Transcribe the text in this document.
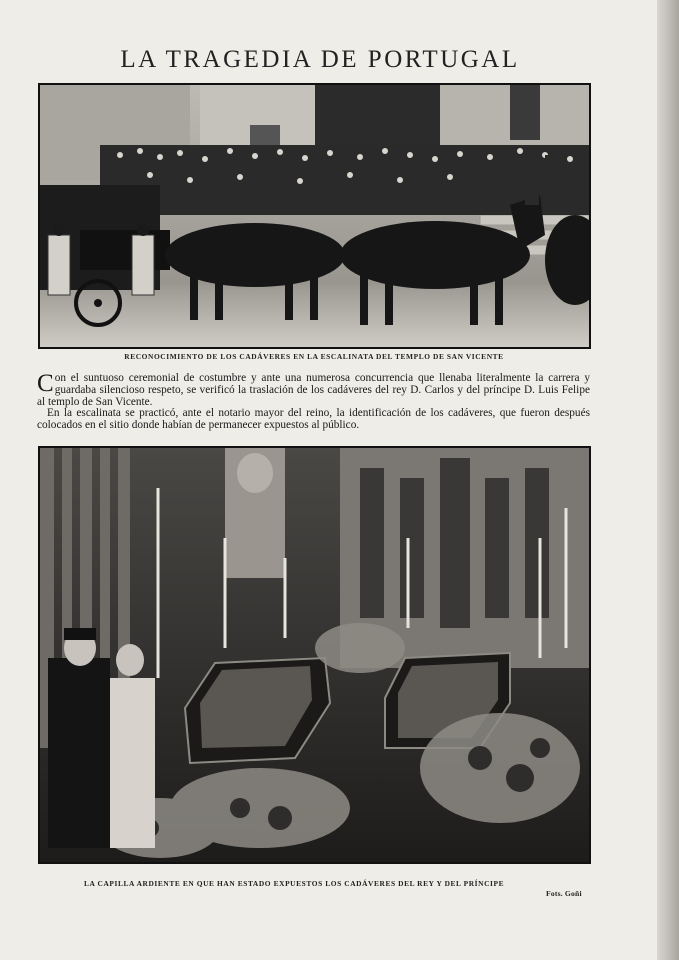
LA TRAGEDIA DE PORTUGAL
RECONOCIMIENTO DE LOS CADÁVERES EN LA ESCALINATA DEL TEMPLO DE SAN VICENTE

Con el suntuoso ceremonial de costumbre y ante una numerosa concurrencia que llenaba literalmente la carrera y guardaba silencioso respeto, se verificó la traslación de los cadáveres del rey D. Carlos y del príncipe D. Luis Felipe al templo de San Vicente.

En la escalinata se practicó, ante el notario mayor del reino, la identificación de los cadáveres, que fueron después colocados en el sitio donde habían de permanecer expuestos al público.

LA CAPILLA ARDIENTE EN QUE HAN ESTADO EXPUESTOS LOS CADÁVERES DEL REY Y DEL PRÍNCIPE
Fots. Goñi
